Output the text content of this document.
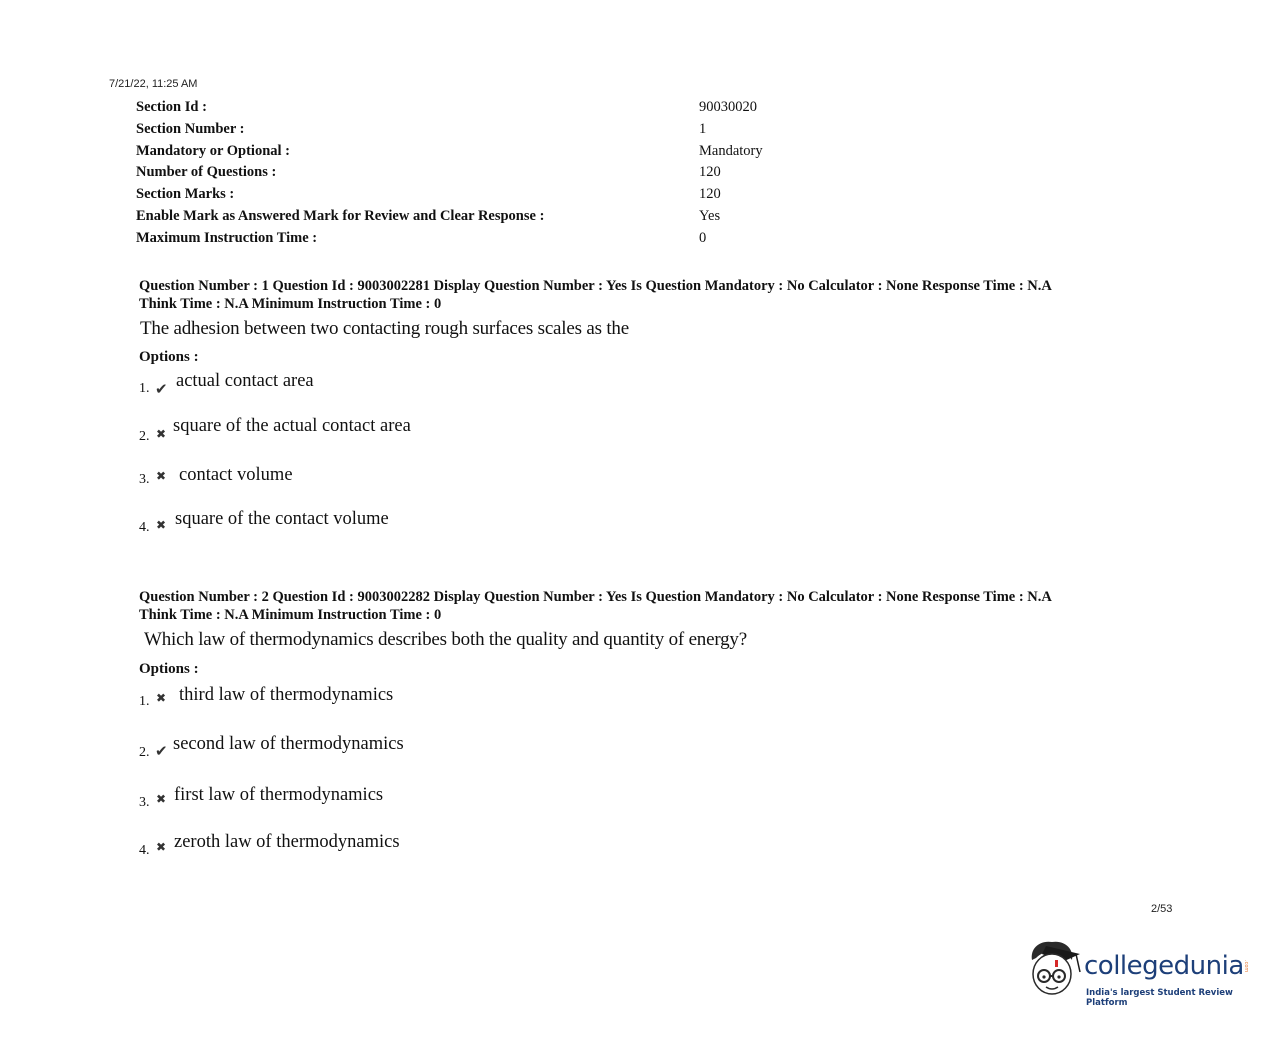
7/21/22, 11:25 AM
Section Id :	90030020
Section Number :	1
Mandatory or Optional :	Mandatory
Number of Questions :	120
Section Marks :	120
Enable Mark as Answered Mark for Review and Clear Response :	Yes
Maximum Instruction Time :	0
Question Number : 1 Question Id : 9003002281 Display Question Number : Yes Is Question Mandatory : No Calculator : None Response Time : N.A
Think Time : N.A Minimum Instruction Time : 0
The adhesion between two contacting rough surfaces scales as the
Options :
1. ✔ actual contact area
2. ✖ square of the actual contact area
3. ✖ contact volume
4. ✖ square of the contact volume
Question Number : 2 Question Id : 9003002282 Display Question Number : Yes Is Question Mandatory : No Calculator : None Response Time : N.A
Think Time : N.A Minimum Instruction Time : 0
Which law of thermodynamics describes both the quality and quantity of energy?
Options :
1. ✖ third law of thermodynamics
2. ✔ second law of thermodynamics
3. ✖ first law of thermodynamics
4. ✖ zeroth law of thermodynamics
2/53
collegedunia .com
India's largest Student Review Platform
